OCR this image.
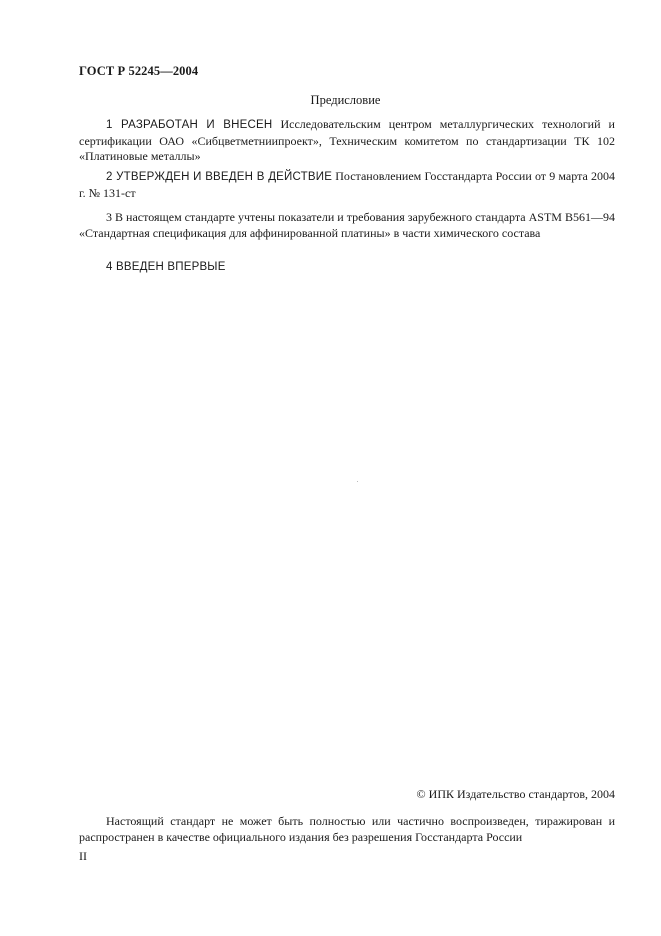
ГОСТ Р 52245—2004
Предисловие
1 РАЗРАБОТАН И ВНЕСЕН Исследовательским центром металлургических технологий и сертификации ОАО «Сибцветметниипроект», Техническим комитетом по стандартизации ТК 102 «Платиновые металлы»
2 УТВЕРЖДЕН И ВВЕДЕН В ДЕЙСТВИЕ Постановлением Госстандарта России от 9 марта 2004 г. № 131-ст
3 В настоящем стандарте учтены показатели и требования зарубежного стандарта ASTM B561—94 «Стандартная спецификация для аффинированной платины» в части химического состава
4 ВВЕДЕН ВПЕРВЫЕ
© ИПК Издательство стандартов, 2004
Настоящий стандарт не может быть полностью или частично воспроизведен, тиражирован и распространен в качестве официального издания без разрешения Госстандарта России
II
